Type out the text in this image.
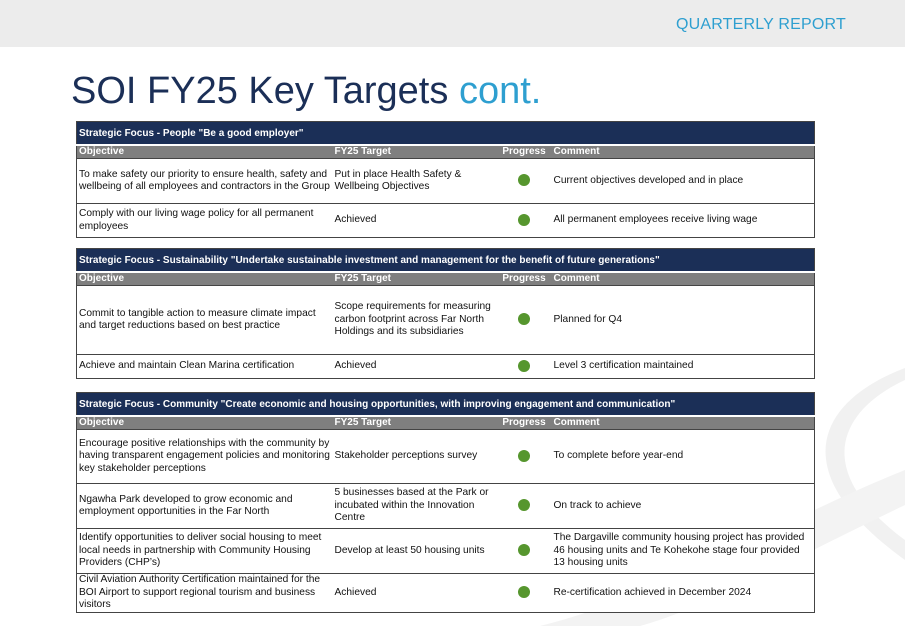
QUARTERLY REPORT
SOI FY25 Key Targets cont.
Strategic Focus - People "Be a good employer"			
Objective	FY25 Target	Progress	Comment
To make safety our priority to ensure health, safety and wellbeing of all employees and contractors in the Group	Put in place Health Safety & Wellbeing Objectives		Current objectives developed and in place
Comply with our living wage policy for all permanent employees	Achieved		All permanent employees receive living wage
Strategic Focus - Sustainability "Undertake sustainable investment and management for the benefit of future generations"			
Objective	FY25 Target	Progress	Comment
Commit to tangible action to measure climate impact and target reductions based on best practice	Scope requirements for measuring carbon footprint across Far North Holdings and its subsidiaries		Planned for Q4
Achieve and maintain Clean Marina certification	Achieved		Level 3 certification maintained
Strategic Focus - Community "Create economic and housing opportunities, with improving engagement and communication"			
Objective	FY25 Target	Progress	Comment
Encourage positive relationships with the community by having transparent engagement policies and monitoring key stakeholder perceptions	Stakeholder perceptions survey		To complete before year-end
Ngawha Park developed to grow economic and employment opportunities in the Far North	5 businesses based at the Park or incubated within the Innovation Centre		On track to achieve
Identify opportunities to deliver social housing to meet local needs in partnership with Community Housing Providers (CHP’s)	Develop at least 50 housing units		The Dargaville community housing project has provided 46 housing units and Te Kohekohe stage four provided 13 housing units
Civil Aviation Authority Certification maintained for the BOI Airport to support regional tourism and business visitors	Achieved		Re-certification achieved in December 2024
